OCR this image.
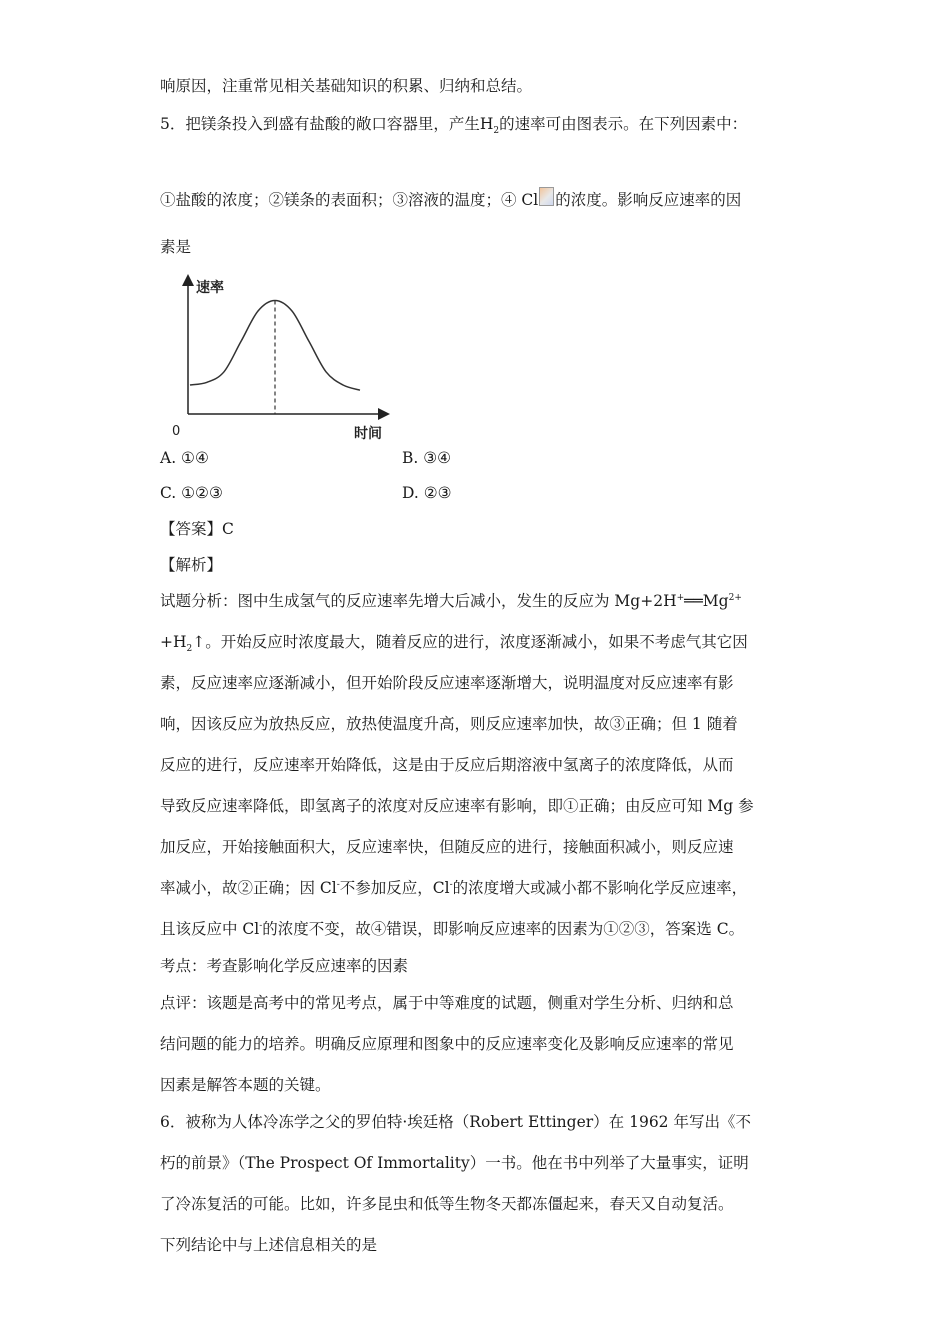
响原因，注重常见相关基础知识的积累、归纳和总结。
5．把镁条投入到盛有盐酸的敞口容器里，产生$H_2$的速率可由图表示。在下列因素中：
①盐酸的浓度；②镁条的表面积；③溶液的温度；④ Cl 的浓度。影响反应速率的因
素是
速率
时间
0
A. ①④	B. ③④
C. ①②③	D. ②③
【答案】C
【解析】
试题分析：图中生成氢气的反应速率先增大后减小，发生的反应为 $Mg+2H^+══Mg^{2+}$
$+H_2↑$。开始反应时浓度最大，随着反应的进行，浓度逐渐减小，如果不考虑气其它因
素，反应速率应逐渐减小，但开始阶段反应速率逐渐增大，说明温度对反应速率有影
响，因该反应为放热反应，放热使温度升高，则反应速率加快，故③正确；但 1 随着
反应的进行，反应速率开始降低，这是由于反应后期溶液中氢离子的浓度降低，从而
导致反应速率降低，即氢离子的浓度对反应速率有影响，即①正确；由反应可知 Mg 参
加反应，开始接触面积大，反应速率快，但随反应的进行，接触面积减小，则反应速
率减小，故②正确；因 Cl-不参加反应，Cl-的浓度增大或减小都不影响化学反应速率，
且该反应中 Cl-的浓度不变，故④错误，即影响反应速率的因素为①②③，答案选 C。
考点：考查影响化学反应速率的因素
点评：该题是高考中的常见考点，属于中等难度的试题，侧重对学生分析、归纳和总
结问题的能力的培养。明确反应原理和图象中的反应速率变化及影响反应速率的常见
因素是解答本题的关键。
6．被称为人体冷冻学之父的罗伯特·埃廷格（Robert Ettinger）在 1962 年写出《不
朽的前景》（The Prospect Of Immortality）一书。他在书中列举了大量事实，证明
了冷冻复活的可能。比如，许多昆虫和低等生物冬天都冻僵起来，春天又自动复活。
下列结论中与上述信息相关的是
